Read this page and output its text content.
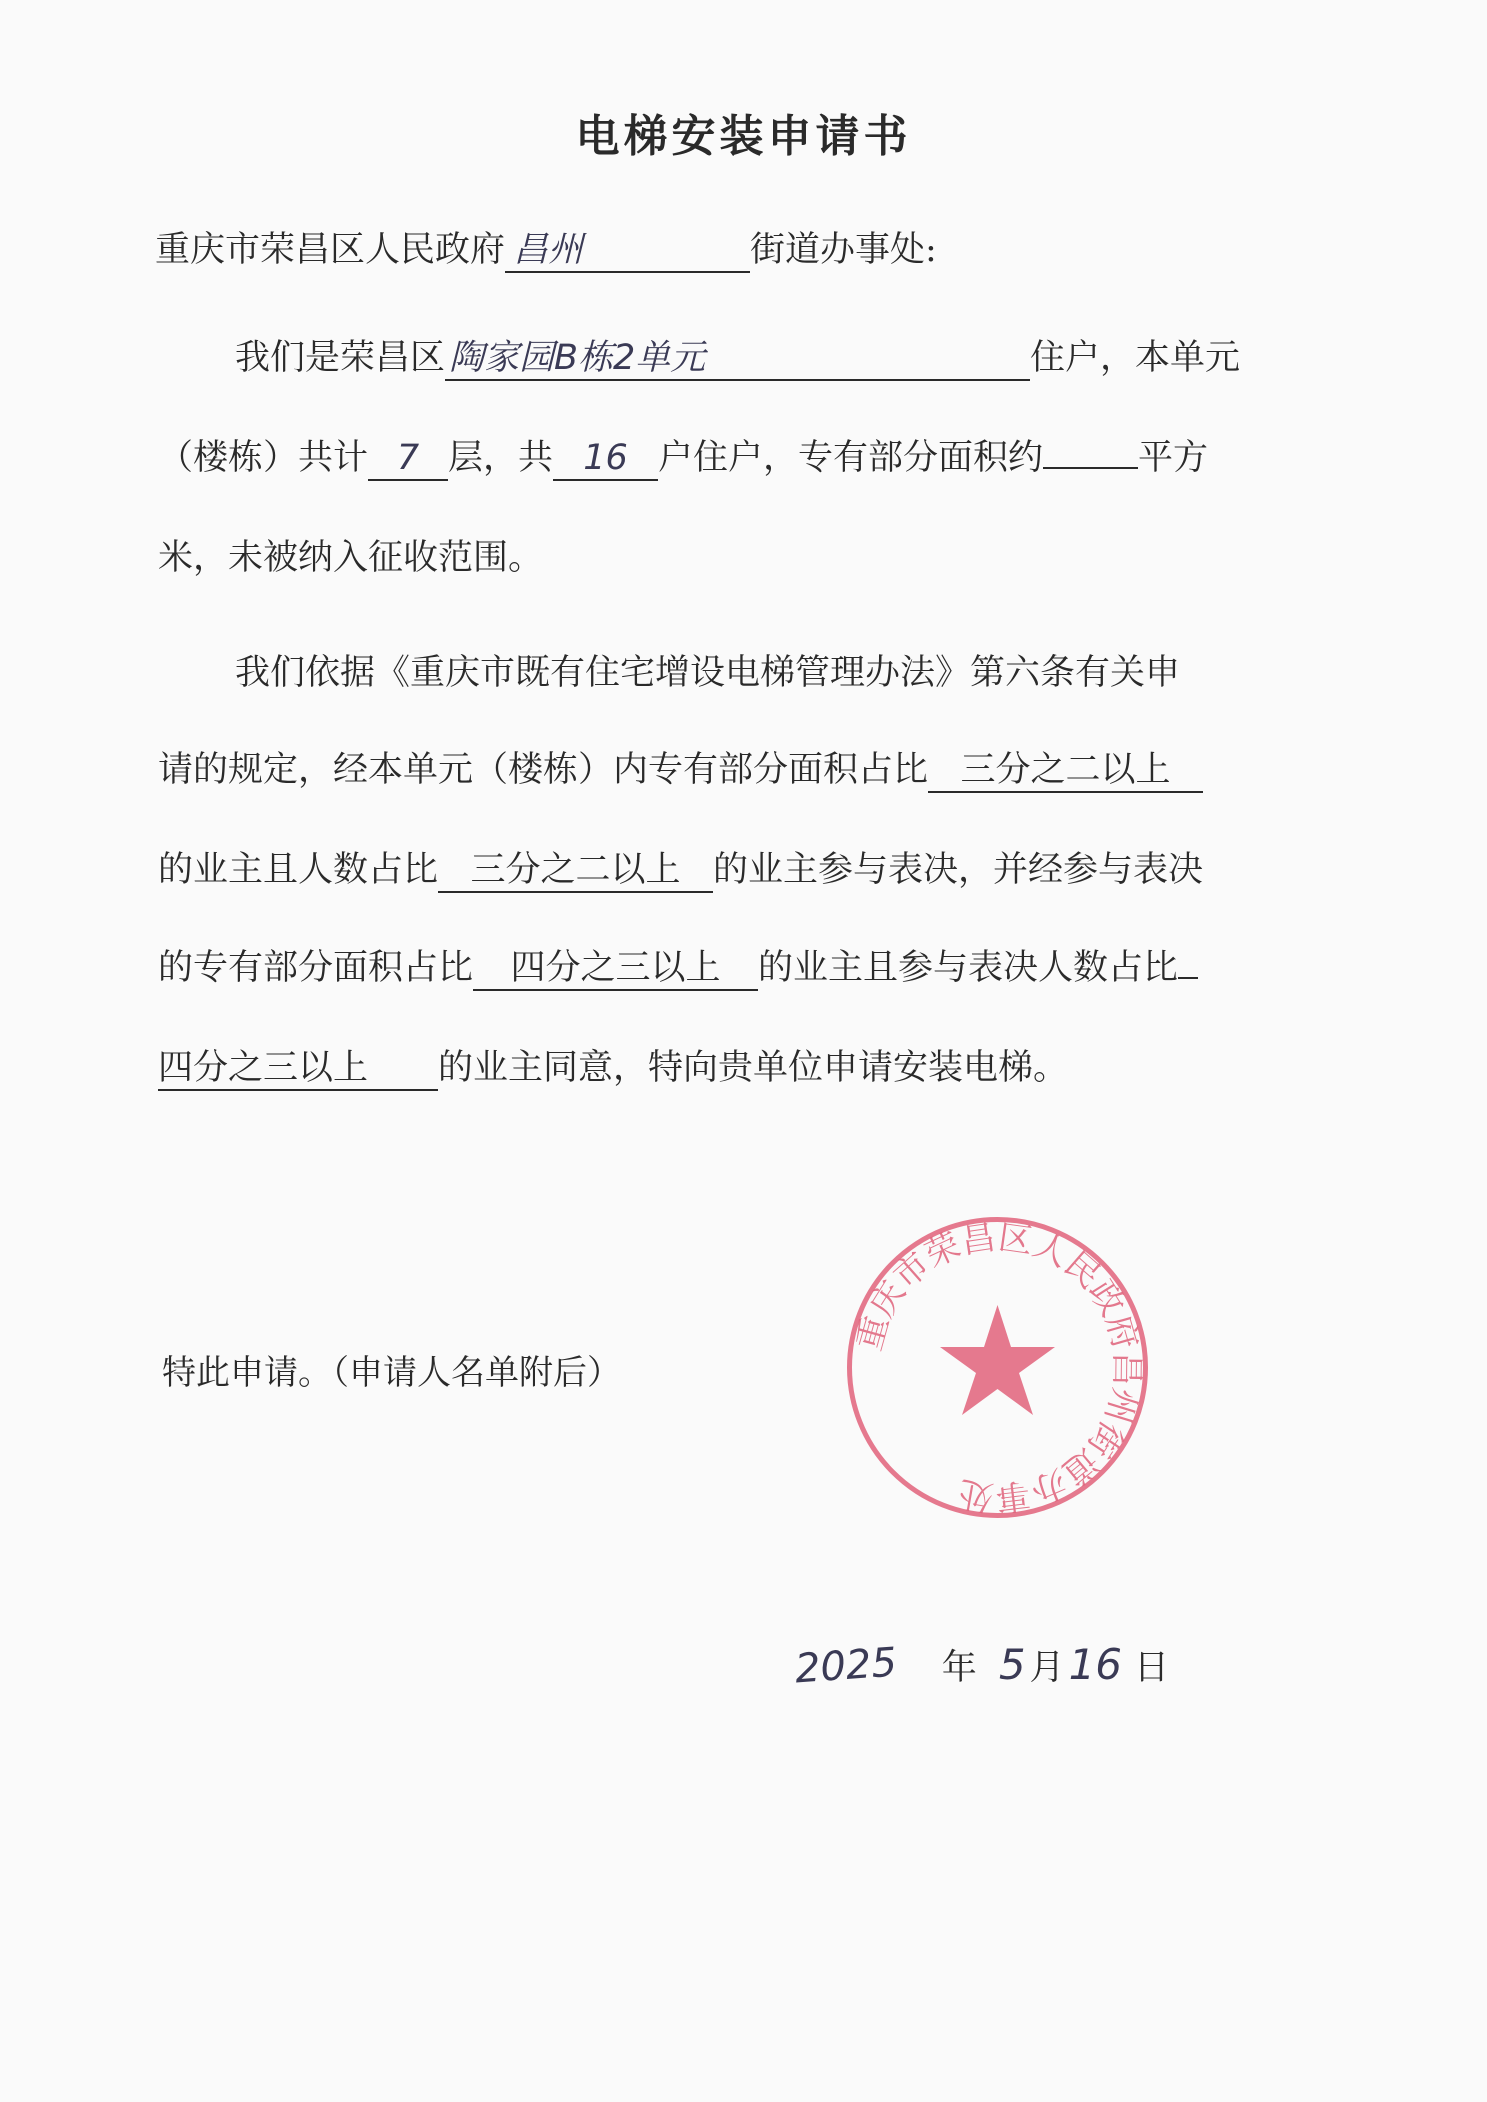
电梯安装申请书
重庆市荣昌区人民政府 昌州	街道办事处:
我们是荣昌区 陶家园B栋2单元	住户，本单元
（楼栋）共计 7 层，共 16 户住户，专有部分面积约	平方
米，未被纳入征收范围。
我们依据《重庆市既有住宅增设电梯管理办法》第六条有关申
请的规定，经本单元（楼栋）内专有部分面积占比 三分之二以上
的业主且人数占比 三分之二以上 的业主参与表决，并经参与表决
的专有部分面积占比 四分之三以上 的业主且参与表决人数占比
四分之三以上 的业主同意，特向贵单位申请安装电梯。
特此申请。（申请人名单附后）
重庆市荣昌区人民政府昌州街道办事处
2025 年 5 月16 日
